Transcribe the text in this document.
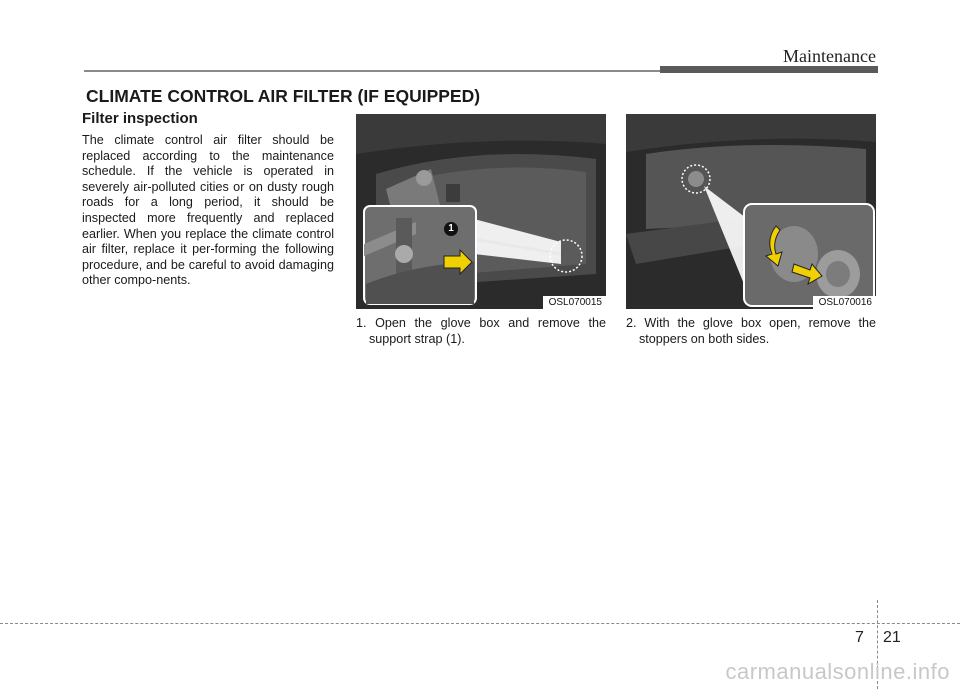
Maintenance
CLIMATE CONTROL AIR FILTER (IF EQUIPPED)
Filter inspection

The climate control air filter should be replaced according to the maintenance schedule. If the vehicle is operated in severely air-polluted cities or on dusty rough roads for a long period, it should be inspected more frequently and replaced earlier. When you replace the climate control air filter, replace it per-forming the following procedure, and be careful to avoid damaging other compo-nents.

1
OSL070015

1. Open the glove box and remove the support strap (1).

OSL070016

2. With the glove box open, remove the stoppers on both sides.

7 21
carmanualsonline.info
